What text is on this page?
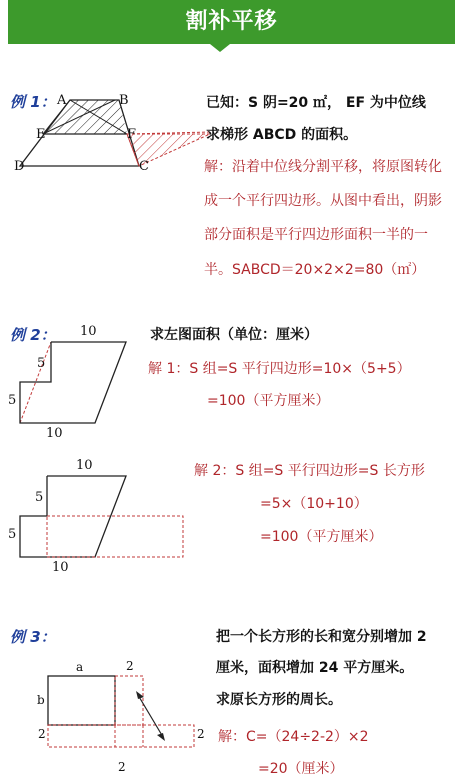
割补平移
例 1： A	B
E	F
D	C
已知：S 阴=20 ㎡， EF 为中位线
求梯形 ABCD 的面积。
解：沿着中位线分割平移，将原图转化
成一个平行四边形。从图中看出，阴影
部分面积是平行四边形面积一半的一
半。SABCD＝20×2×2=80（㎡）
例 2：	求左图面积（单位：厘米）
10
5
5
10
解 1：S 组=S 平行四边形=10×（5+5）
=100（平方厘米）
10
5
5
10
解 2：S 组=S 平行四边形=S 长方形
=5×（10+10）
=100（平方厘米）
例 3：	把一个长方形的长和宽分别增加 2
厘米，面积增加 24 平方厘米。
求原长方形的周长。
a	2
b
2	2
2
解：C=（24÷2-2）×2
=20（厘米）
